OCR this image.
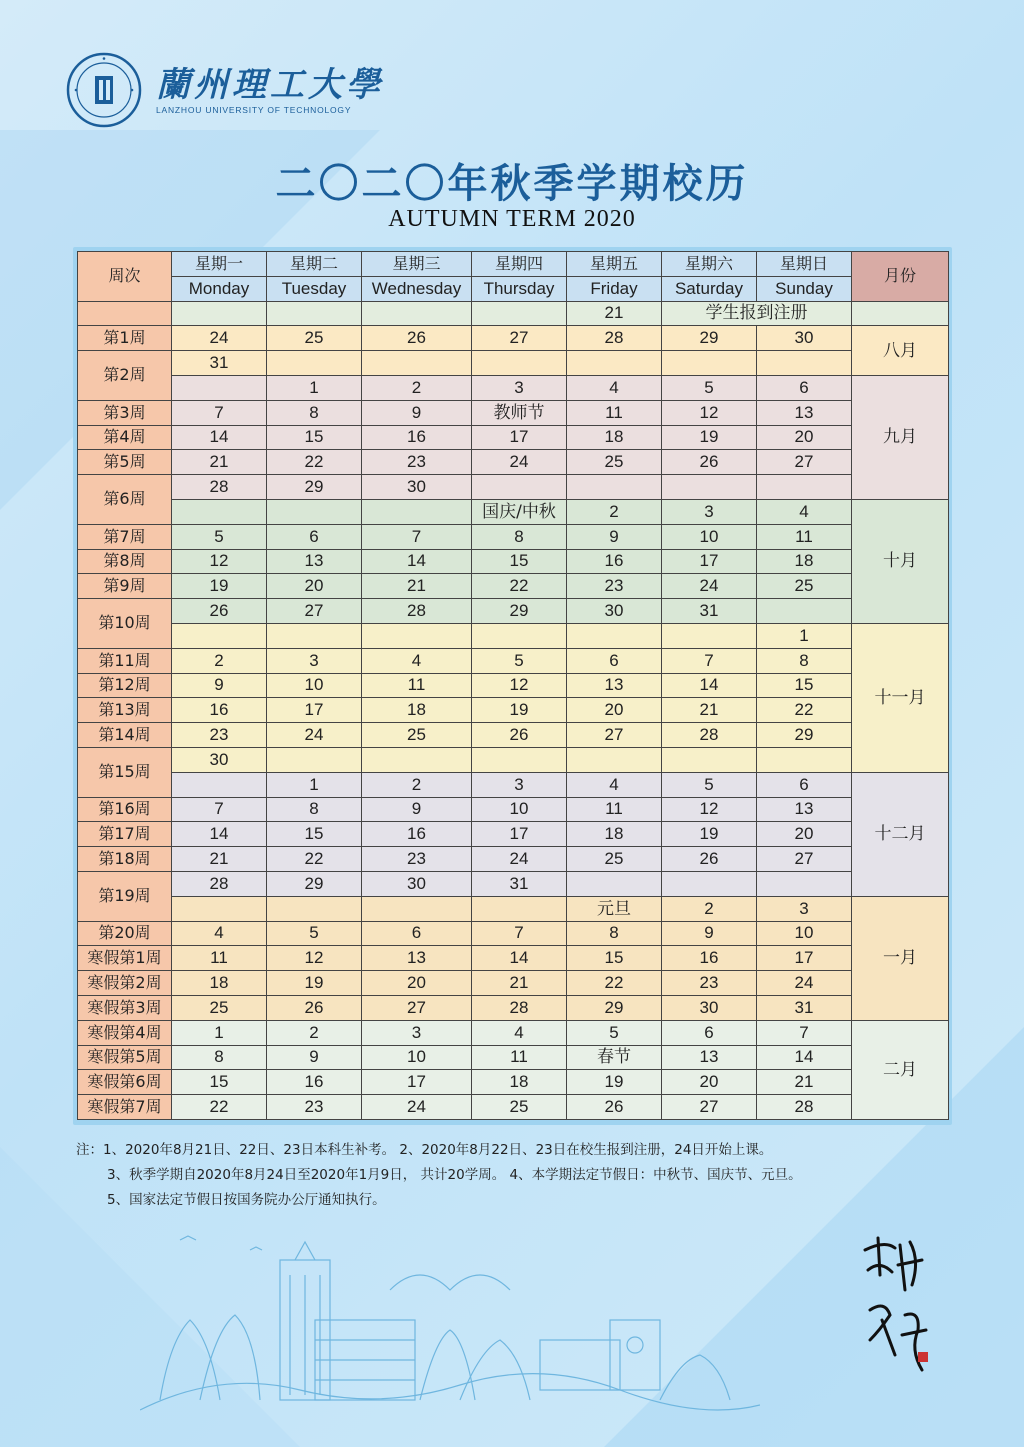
蘭州理工大學
LANZHOU UNIVERSITY OF TECHNOLOGY
二〇二〇年秋季学期校历
AUTUMN TERM 2020
周次	星期一	星期二	星期三	星期四	星期五	星期六	星期日	月份
	Monday	Tuesday	Wednesday	Thursday	Friday	Saturday	Sunday	
					21	学生报到注册		
第1周	24	25	26	27	28	29	30	八月
第2周	31							
		1	2	3	4	5	6	九月
第3周	7	8	9	教师节	11	12	13	
第4周	14	15	16	17	18	19	20	
第5周	21	22	23	24	25	26	27	
第6周	28	29	30					
				国庆/中秋	2	3	4	十月
第7周	5	6	7	8	9	10	11	
第8周	12	13	14	15	16	17	18	
第9周	19	20	21	22	23	24	25	
第10周	26	27	28	29	30	31		
							1	十一月
第11周	2	3	4	5	6	7	8	
第12周	9	10	11	12	13	14	15	
第13周	16	17	18	19	20	21	22	
第14周	23	24	25	26	27	28	29	
第15周	30							
		1	2	3	4	5	6	十二月
第16周	7	8	9	10	11	12	13	
第17周	14	15	16	17	18	19	20	
第18周	21	22	23	24	25	26	27	
第19周	28	29	30	31				
					元旦	2	3	一月
第20周	4	5	6	7	8	9	10	
寒假第1周	11	12	13	14	15	16	17	
寒假第2周	18	19	20	21	22	23	24	
寒假第3周	25	26	27	28	29	30	31	
寒假第4周	1	2	3	4	5	6	7	二月
寒假第5周	8	9	10	11	春节	13	14	
寒假第6周	15	16	17	18	19	20	21	
寒假第7周	22	23	24	25	26	27	28	
注：1、2020年8月21日、22日、23日本科生补考。 2、2020年8月22日、23日在校生报到注册，24日开始上课。
3、秋季学期自2020年8月24日至2020年1月9日， 共计20学周。 4、本学期法定节假日：中秋节、国庆节、元旦。
5、国家法定节假日按国务院办公厅通知执行。
